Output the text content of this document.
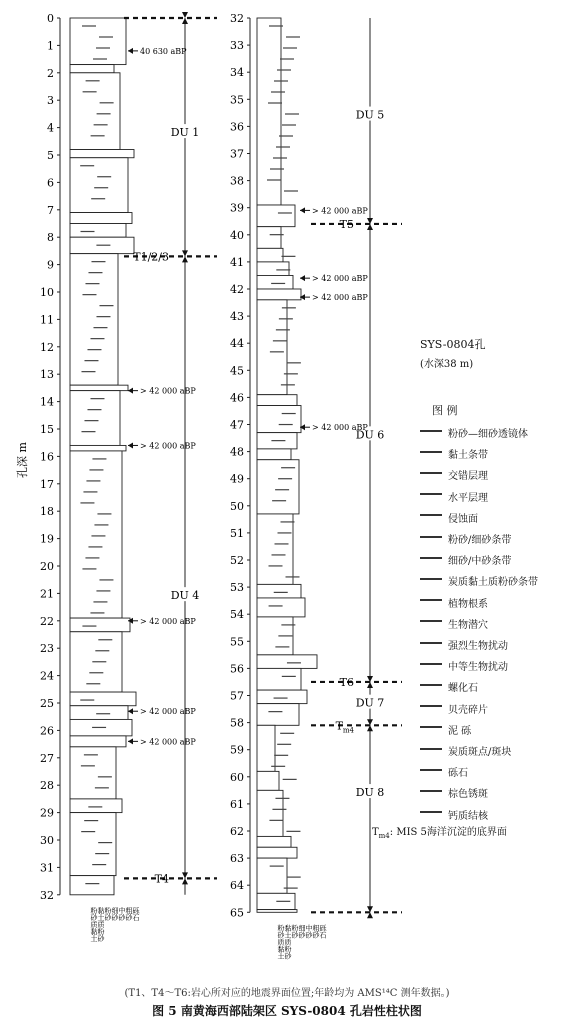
0
1
2
3
4
5
6
7
8
9
10
11
12
13
14
15
16
17
18
19
20
21
22
23
24
25
26
27
28
29
30
31
32
粉砂质黏土 黏土质粉砂 粉砂 细砂 中砂 粗砂 砾石
DU 1
DU 4
T1/2/3
T4
40 630 aBP
> 42 000 aBP
> 42 000 aBP
> 42 000 aBP
> 42 000 aBP
> 42 000 aBP
32
33
34
35
36
37
38
39
40
41
42
43
44
45
46
47
48
49
50
51
52
53
54
55
56
57
58
59
60
61
62
63
64
65
粉砂质黏土 黏土质粉砂 粉砂 细砂 中砂 粗砂 砾石
DU 5
DU 6
DU 7
DU 8
T5
T6
$T_{m4}$
> 42 000 aBP
> 42 000 aBP
> 42 000 aBP
> 42 000 aBP
孔深 m
SYS-0804孔
(水深38 m)
图 例
粉砂—细砂透镜体
黏土条带
交错层理
水平层理
侵蚀面
粉砂/细砂条带
细砂/中砂条带
炭质黏土质粉砂条带
植物根系
生物潜穴
强烈生物扰动
中等生物扰动
螺化石
贝壳碎片
泥 砾
炭质斑点/斑块
砾石
棕色锈斑
钙质结核
$T_{m4}$: MIS 5海洋沉淀的底界面
(T1、T4～T6:岩心所对应的地震界面位置;年龄均为 AMS¹⁴C 测年数据。)
图 5 南黄海西部陆架区 SYS-0804 孔岩性柱状图
